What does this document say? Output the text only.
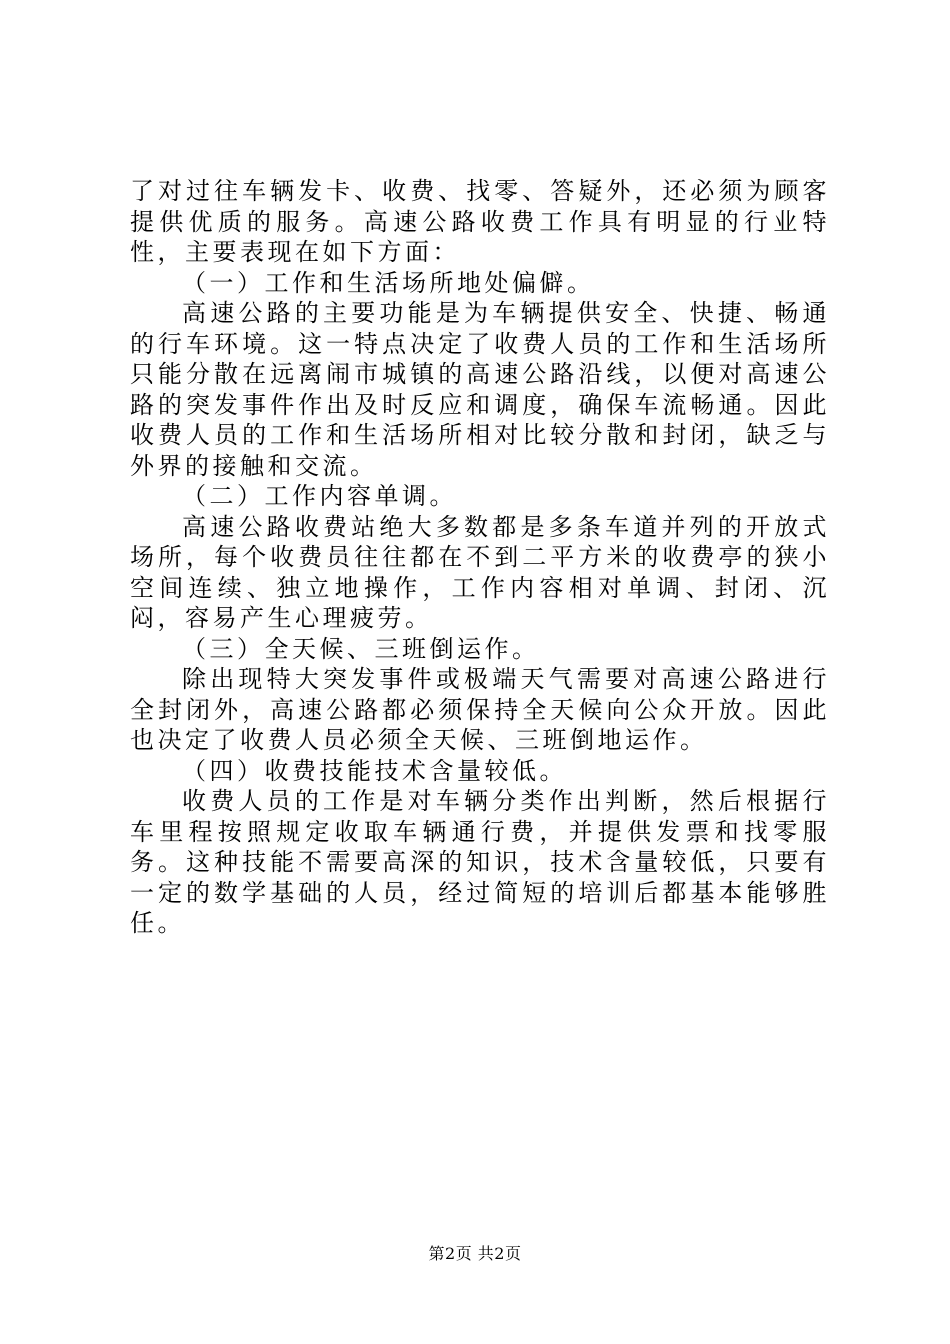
了对过往车辆发卡、收费、找零、答疑外，还必须为顾客提供优质的服务。高速公路收费工作具有明显的行业特性，主要表现在如下方面：

（一）工作和生活场所地处偏僻。

高速公路的主要功能是为车辆提供安全、快捷、畅通的行车环境。这一特点决定了收费人员的工作和生活场所只能分散在远离闹市城镇的高速公路沿线，以便对高速公路的突发事件作出及时反应和调度，确保车流畅通。因此收费人员的工作和生活场所相对比较分散和封闭，缺乏与外界的接触和交流。

（二）工作内容单调。

高速公路收费站绝大多数都是多条车道并列的开放式场所，每个收费员往往都在不到二平方米的收费亭的狭小空间连续、独立地操作，工作内容相对单调、封闭、沉闷，容易产生心理疲劳。

（三）全天候、三班倒运作。

除出现特大突发事件或极端天气需要对高速公路进行全封闭外，高速公路都必须保持全天候向公众开放。因此也决定了收费人员必须全天候、三班倒地运作。

（四）收费技能技术含量较低。

收费人员的工作是对车辆分类作出判断，然后根据行车里程按照规定收取车辆通行费，并提供发票和找零服务。这种技能不需要高深的知识，技术含量较低，只要有一定的数学基础的人员，经过简短的培训后都基本能够胜任。

第2页 共2页
